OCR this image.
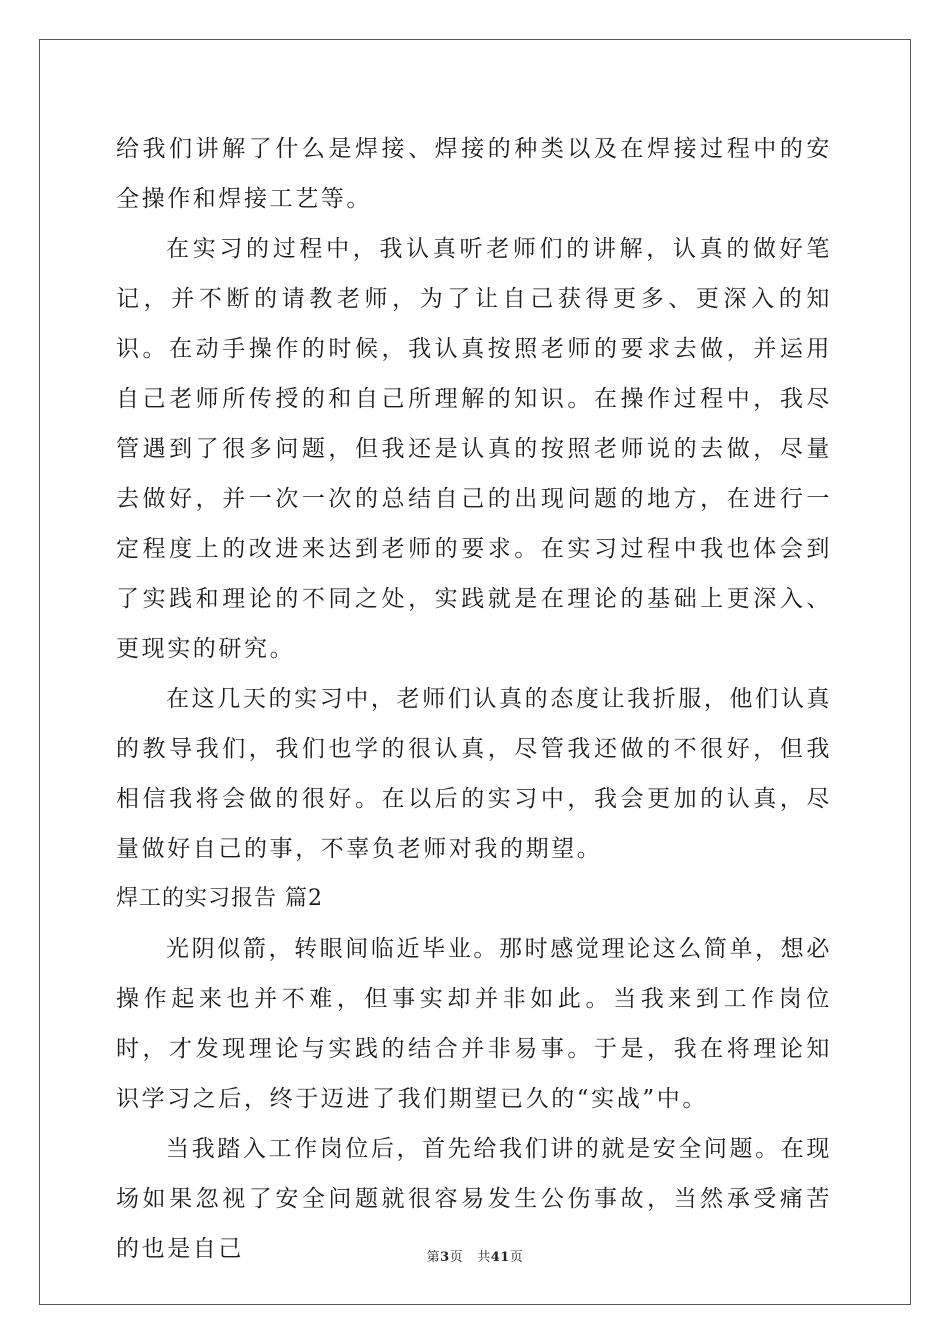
给我们讲解了什么是焊接、焊接的种类以及在焊接过程中的安全操作和焊接工艺等。

在实习的过程中，我认真听老师们的讲解，认真的做好笔记，并不断的请教老师，为了让自己获得更多、更深入的知识。在动手操作的时候，我认真按照老师的要求去做，并运用自己老师所传授的和自己所理解的知识。在操作过程中，我尽管遇到了很多问题，但我还是认真的按照老师说的去做，尽量去做好，并一次一次的总结自己的出现问题的地方，在进行一定程度上的改进来达到老师的要求。在实习过程中我也体会到了实践和理论的不同之处，实践就是在理论的基础上更深入、更现实的研究。

在这几天的实习中，老师们认真的态度让我折服，他们认真的教导我们，我们也学的很认真，尽管我还做的不很好，但我相信我将会做的很好。在以后的实习中，我会更加的认真，尽量做好自己的事，不辜负老师对我的期望。

焊工的实习报告 篇2

光阴似箭，转眼间临近毕业。那时感觉理论这么简单，想必操作起来也并不难，但事实却并非如此。当我来到工作岗位时，才发现理论与实践的结合并非易事。于是，我在将理论知识学习之后，终于迈进了我们期望已久的“实战”中。

当我踏入工作岗位后，首先给我们讲的就是安全问题。在现场如果忽视了安全问题就很容易发生公伤事故，当然承受痛苦的也是自己	第3页 共41页
